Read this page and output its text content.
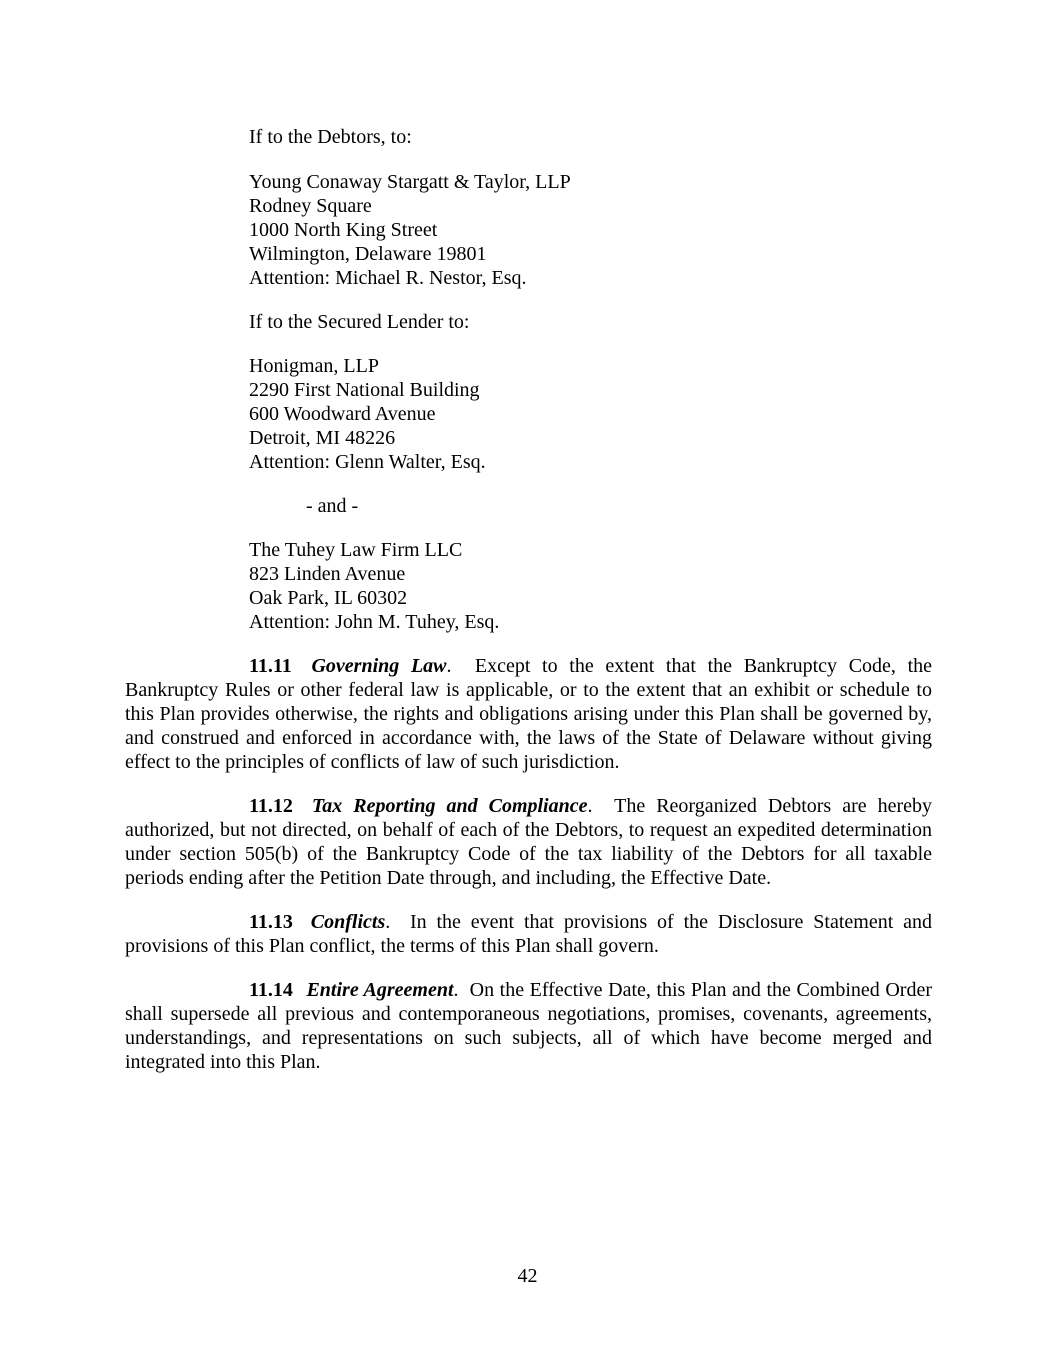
If to the Debtors, to:
Young Conaway Stargatt & Taylor, LLP
Rodney Square
1000 North King Street
Wilmington, Delaware 19801
Attention: Michael R. Nestor, Esq.
If to the Secured Lender to:
Honigman, LLP
2290 First National Building
600 Woodward Avenue
Detroit, MI 48226
Attention: Glenn Walter, Esq.
- and -
The Tuhey Law Firm LLC
823 Linden Avenue
Oak Park, IL 60302
Attention: John M. Tuhey, Esq.

11.11 Governing Law.  Except to the extent that the Bankruptcy Code, the Bankruptcy Rules or other federal law is applicable, or to the extent that an exhibit or schedule to this Plan provides otherwise, the rights and obligations arising under this Plan shall be governed by, and construed and enforced in accordance with, the laws of the State of Delaware without giving effect to the principles of conflicts of law of such jurisdiction.

11.12 Tax Reporting and Compliance.  The Reorganized Debtors are hereby authorized, but not directed, on behalf of each of the Debtors, to request an expedited determination under section 505(b) of the Bankruptcy Code of the tax liability of the Debtors for all taxable periods ending after the Petition Date through, and including, the Effective Date.

11.13 Conflicts.  In the event that provisions of the Disclosure Statement and provisions of this Plan conflict, the terms of this Plan shall govern.

11.14 Entire Agreement.  On the Effective Date, this Plan and the Combined Order shall supersede all previous and contemporaneous negotiations, promises, covenants, agreements, understandings, and representations on such subjects, all of which have become merged and integrated into this Plan.

42
